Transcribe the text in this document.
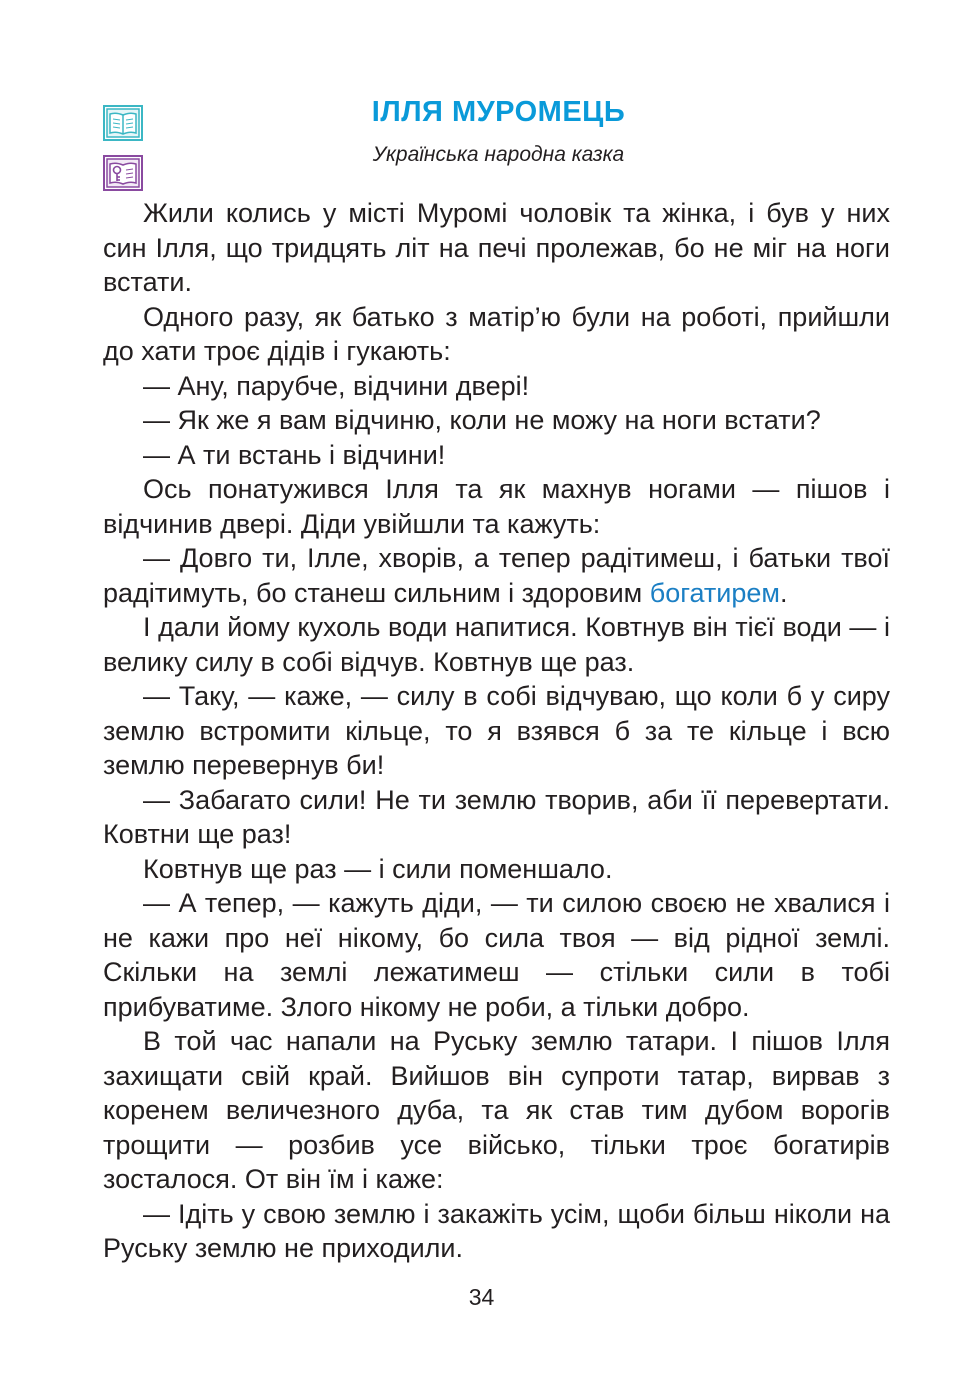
ІЛЛЯ МУРОМЕЦЬ
Українська народна казка

Жили колись у місті Муромі чоловік та жінка, і був у них син Ілля, що тридцять літ на печі пролежав, бо не міг на ноги встати.

Одного разу, як батько з матір’ю були на роботі, прийшли до хати троє дідів і гукають:

— Ану, парубче, відчини двері!

— Як же я вам відчиню, коли не можу на ноги встати?

— А ти встань і відчини!

Ось понатужився Ілля та як махнув ногами — пішов і відчинив двері. Діди увійшли та кажуть:

— Довго ти, Ілле, хворів, а тепер радітимеш, і батьки твої радітимуть, бо станеш сильним і здоровим богатирем.

І дали йому кухоль води напитися. Ковтнув він тієї води — і велику силу в собі відчув. Ковтнув ще раз.

— Таку, — каже, — силу в собі відчуваю, що коли б у сиру землю встромити кільце, то я взявся б за те кільце і всю землю перевернув би!

— Забагато сили! Не ти землю творив, аби її перевертати. Ковтни ще раз!

Ковтнув ще раз — і сили поменшало.

— А тепер, — кажуть діди, — ти силою своєю не хвалися і не кажи про неї нікому, бо сила твоя — від рідної землі. Скільки на землі лежатимеш — стільки сили в тобі прибуватиме. Злого нікому не роби, а тільки добро.

В той час напали на Руську землю татари. І пішов Ілля захищати свій край. Вийшов він супроти татар, вирвав з коренем величезного дуба, та як став тим дубом ворогів трощити — розбив усе військо, тільки троє богатирів зосталося. От він їм і каже:

— Ідіть у свою землю і закажіть усім, щоби більш ніколи на Руську землю не приходили.

34
